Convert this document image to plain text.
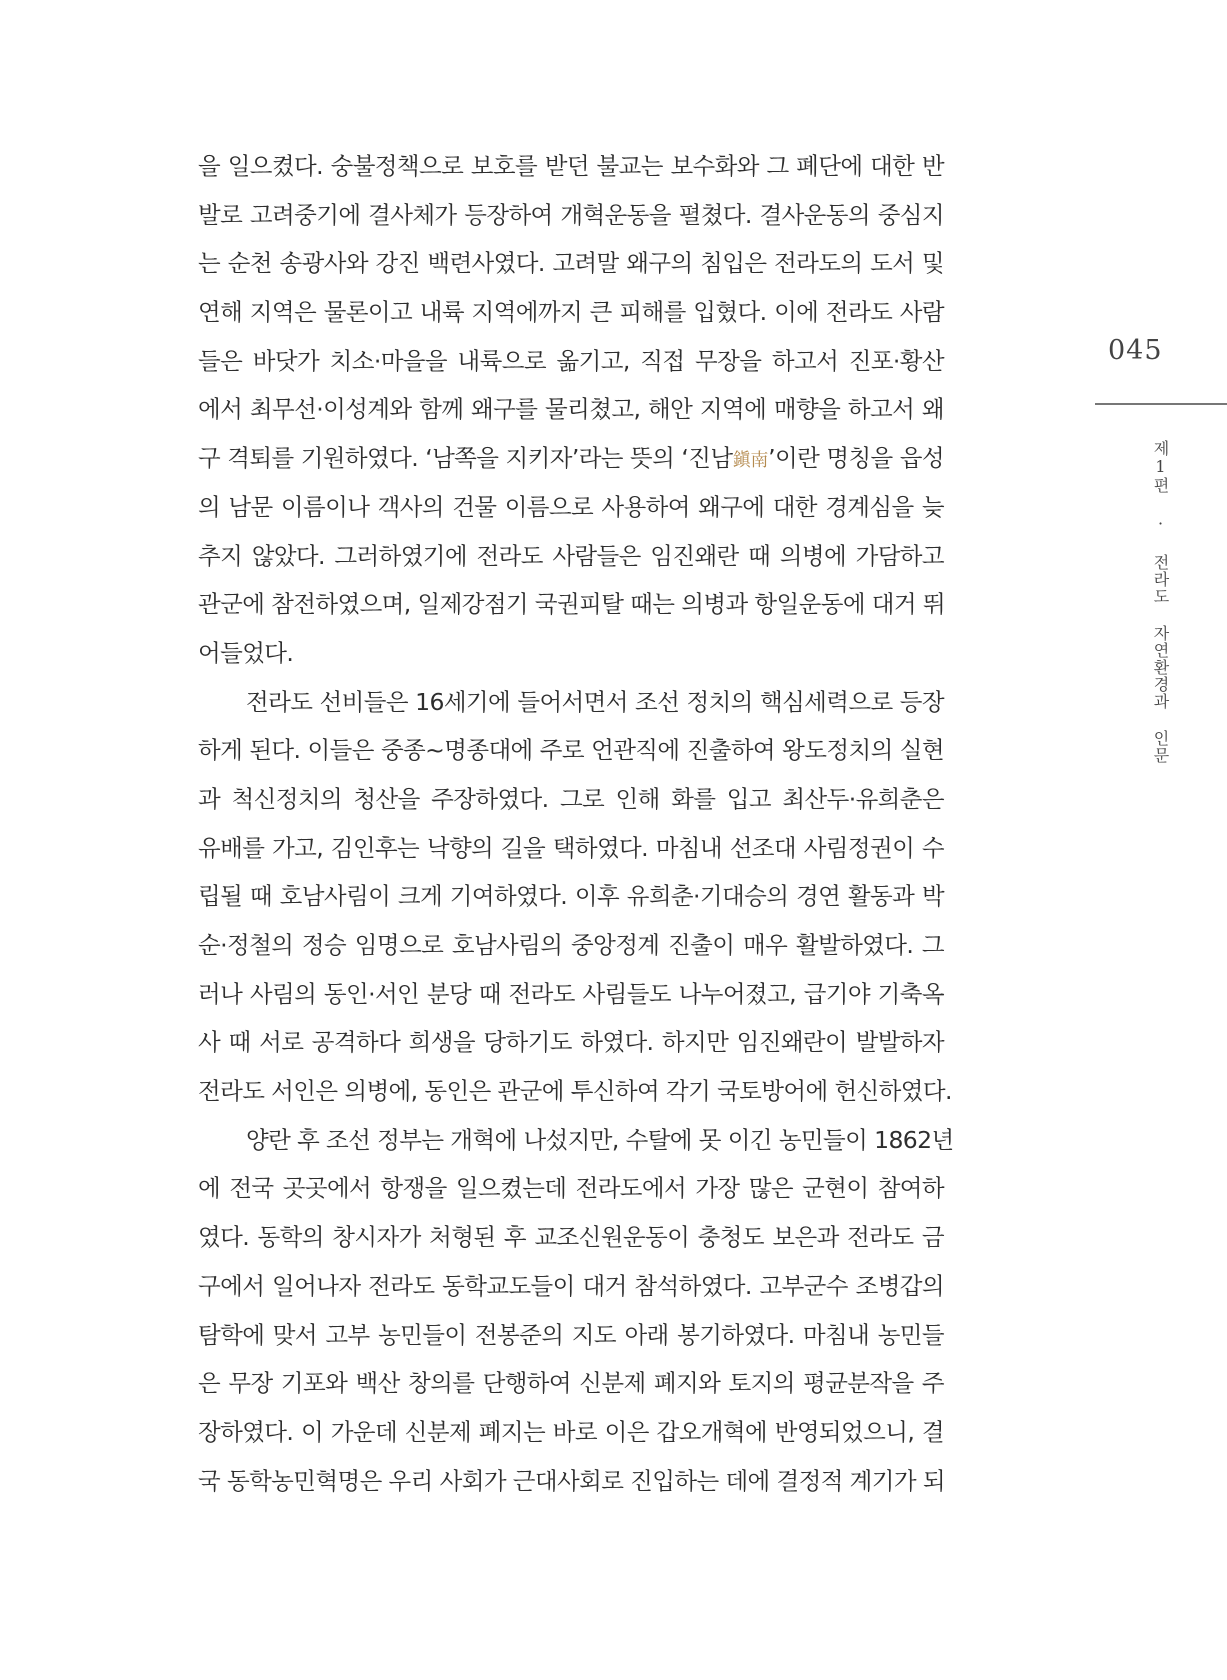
을 일으켰다. 숭불정책으로 보호를 받던 불교는 보수화와 그 폐단에 대한 반
발로 고려중기에 결사체가 등장하여 개혁운동을 펼쳤다. 결사운동의 중심지
는 순천 송광사와 강진 백련사였다. 고려말 왜구의 침입은 전라도의 도서 및
연해 지역은 물론이고 내륙 지역에까지 큰 피해를 입혔다. 이에 전라도 사람
들은 바닷가 치소·마을을 내륙으로 옮기고, 직접 무장을 하고서 진포·황산
에서 최무선·이성계와 함께 왜구를 물리쳤고, 해안 지역에 매향을 하고서 왜
구 격퇴를 기원하였다. ‘남쪽을 지키자’라는 뜻의 ‘진남鎭南’이란 명칭을 읍성
의 남문 이름이나 객사의 건물 이름으로 사용하여 왜구에 대한 경계심을 늦
추지 않았다. 그러하였기에 전라도 사람들은 임진왜란 때 의병에 가담하고
관군에 참전하였으며, 일제강점기 국권피탈 때는 의병과 항일운동에 대거 뛰
어들었다.
전라도 선비들은 16세기에 들어서면서 조선 정치의 핵심세력으로 등장
하게 된다. 이들은 중종~명종대에 주로 언관직에 진출하여 왕도정치의 실현
과 척신정치의 청산을 주장하였다. 그로 인해 화를 입고 최산두·유희춘은
유배를 가고, 김인후는 낙향의 길을 택하였다. 마침내 선조대 사림정권이 수
립될 때 호남사림이 크게 기여하였다. 이후 유희춘·기대승의 경연 활동과 박
순·정철의 정승 임명으로 호남사림의 중앙정계 진출이 매우 활발하였다. 그
러나 사림의 동인·서인 분당 때 전라도 사림들도 나누어졌고, 급기야 기축옥
사 때 서로 공격하다 희생을 당하기도 하였다. 하지만 임진왜란이 발발하자
전라도 서인은 의병에, 동인은 관군에 투신하여 각기 국토방어에 헌신하였다.
양란 후 조선 정부는 개혁에 나섰지만, 수탈에 못 이긴 농민들이 1862년
에 전국 곳곳에서 항쟁을 일으켰는데 전라도에서 가장 많은 군현이 참여하
였다. 동학의 창시자가 처형된 후 교조신원운동이 충청도 보은과 전라도 금
구에서 일어나자 전라도 동학교도들이 대거 참석하였다. 고부군수 조병갑의
탐학에 맞서 고부 농민들이 전봉준의 지도 아래 봉기하였다. 마침내 농민들
은 무장 기포와 백산 창의를 단행하여 신분제 폐지와 토지의 평균분작을 주
장하였다. 이 가운데 신분제 폐지는 바로 이은 갑오개혁에 반영되었으니, 결
국 동학농민혁명은 우리 사회가 근대사회로 진입하는 데에 결정적 계기가 되
045
제1편 · 전라도 자연환경과 인문
